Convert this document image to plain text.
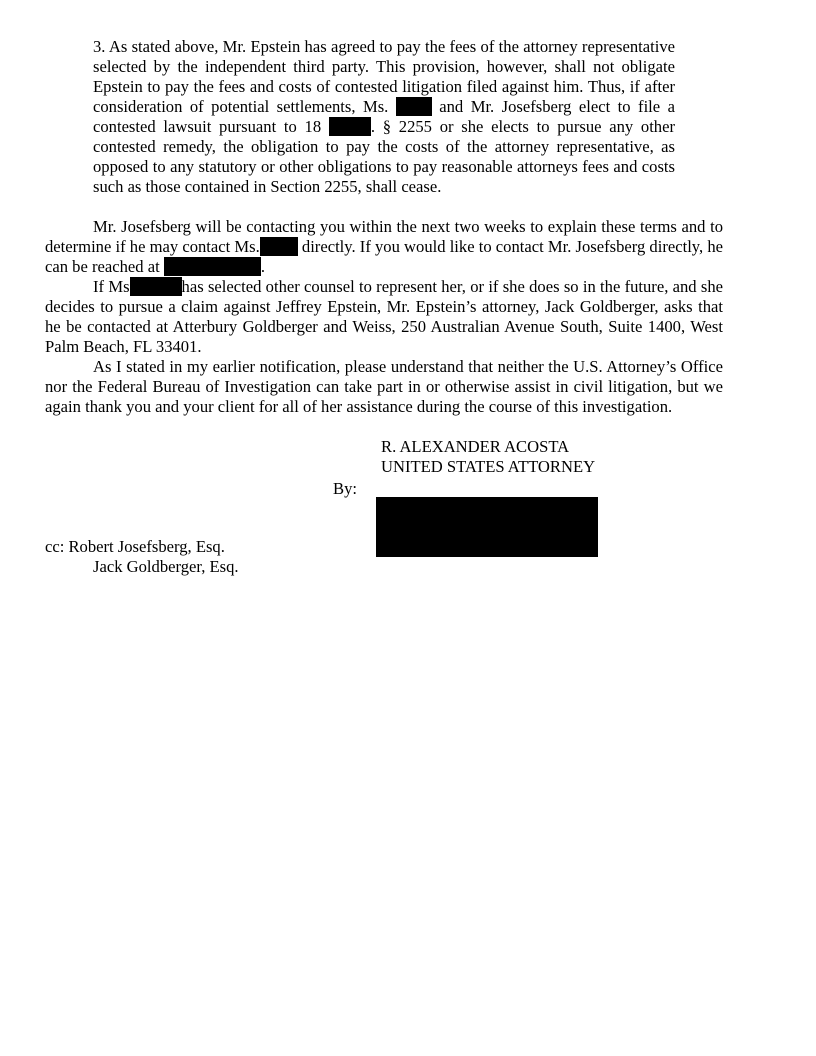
3. As stated above, Mr. Epstein has agreed to pay the fees of the attorney representative selected by the independent third party. This provision, however, shall not obligate Epstein to pay the fees and costs of contested litigation filed against him. Thus, if after consideration of potential settlements, Ms.  and Mr. Josefsberg elect to file a contested lawsuit pursuant to 18	. § 2255 or she elects to pursue any other contested remedy, the obligation to pay the costs of the attorney representative, as opposed to any statutory or other obligations to pay reasonable attorneys fees and costs such as those contained in Section 2255, shall cease.

Mr. Josefsberg will be contacting you within the next two weeks to explain these terms and to determine if he may contact Ms. directly. If you would like to contact Mr. Josefsberg directly, he can be reached at	.

If Ms	has selected other counsel to represent her, or if she does so in the future, and she decides to pursue a claim against Jeffrey Epstein, Mr. Epstein’s attorney, Jack Goldberger, asks that he be contacted at Atterbury Goldberger and Weiss, 250 Australian Avenue South, Suite 1400, West Palm Beach, FL 33401.

As I stated in my earlier notification, please understand that neither the U.S. Attorney’s Office nor the Federal Bureau of Investigation can take part in or otherwise assist in civil litigation, but we again thank you and your client for all of her assistance during the course of this investigation.

R. ALEXANDER ACOSTA
UNITED STATES ATTORNEY
By:
cc: Robert Josefsberg, Esq.
Jack Goldberger, Esq.
